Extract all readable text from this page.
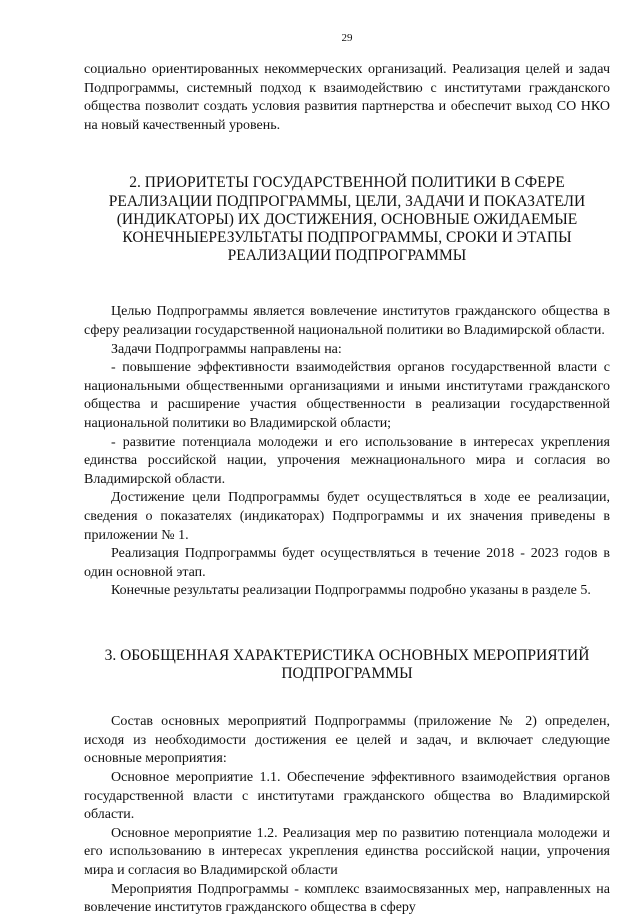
29

социально ориентированных некоммерческих организаций. Реализация целей и задач Подпрограммы, системный подход к взаимодействию с институтами гражданского общества позволит создать условия развития партнерства и обеспечит выход СО НКО на новый качественный уровень.

2. ПРИОРИТЕТЫ ГОСУДАРСТВЕННОЙ ПОЛИТИКИ В СФЕРЕ РЕАЛИЗАЦИИ ПОДПРОГРАММЫ, ЦЕЛИ, ЗАДАЧИ И ПОКАЗАТЕЛИ (ИНДИКАТОРЫ) ИХ ДОСТИЖЕНИЯ, ОСНОВНЫЕ ОЖИДАЕМЫЕ КОНЕЧНЫЕРЕЗУЛЬТАТЫ ПОДПРОГРАММЫ, СРОКИ И ЭТАПЫ РЕАЛИЗАЦИИ ПОДПРОГРАММЫ

Целью Подпрограммы является вовлечение институтов гражданского общества в сферу реализации государственной национальной политики во Владимирской области.

Задачи Подпрограммы направлены на:

- повышение эффективности взаимодействия органов государственной власти с национальными общественными организациями и иными институтами гражданского общества и расширение участия общественности в реализации государственной национальной политики во Владимирской области;

- развитие потенциала молодежи и его использование в интересах укрепления единства российской нации, упрочения межнационального мира и согласия во Владимирской области.

Достижение цели Подпрограммы будет осуществляться в ходе ее реализации, сведения о показателях (индикаторах) Подпрограммы и их значения приведены в приложении № 1.

Реализация Подпрограммы будет осуществляться в течение 2018 - 2023 годов в один основной этап.

Конечные результаты реализации Подпрограммы подробно указаны в разделе 5.

3. ОБОБЩЕННАЯ ХАРАКТЕРИСТИКА ОСНОВНЫХ МЕРОПРИЯТИЙ ПОДПРОГРАММЫ

Состав основных мероприятий Подпрограммы (приложение № 2) определен, исходя из необходимости достижения ее целей и задач, и включает следующие основные мероприятия:

Основное мероприятие 1.1. Обеспечение эффективного взаимодействия органов государственной власти с институтами гражданского общества во Владимирской области.

Основное мероприятие 1.2. Реализация мер по развитию потенциала молодежи и его использованию в интересах укрепления единства российской нации, упрочения мира и согласия во Владимирской области

Мероприятия Подпрограммы - комплекс взаимосвязанных мер, направленных на вовлечение институтов гражданского общества в сферу
